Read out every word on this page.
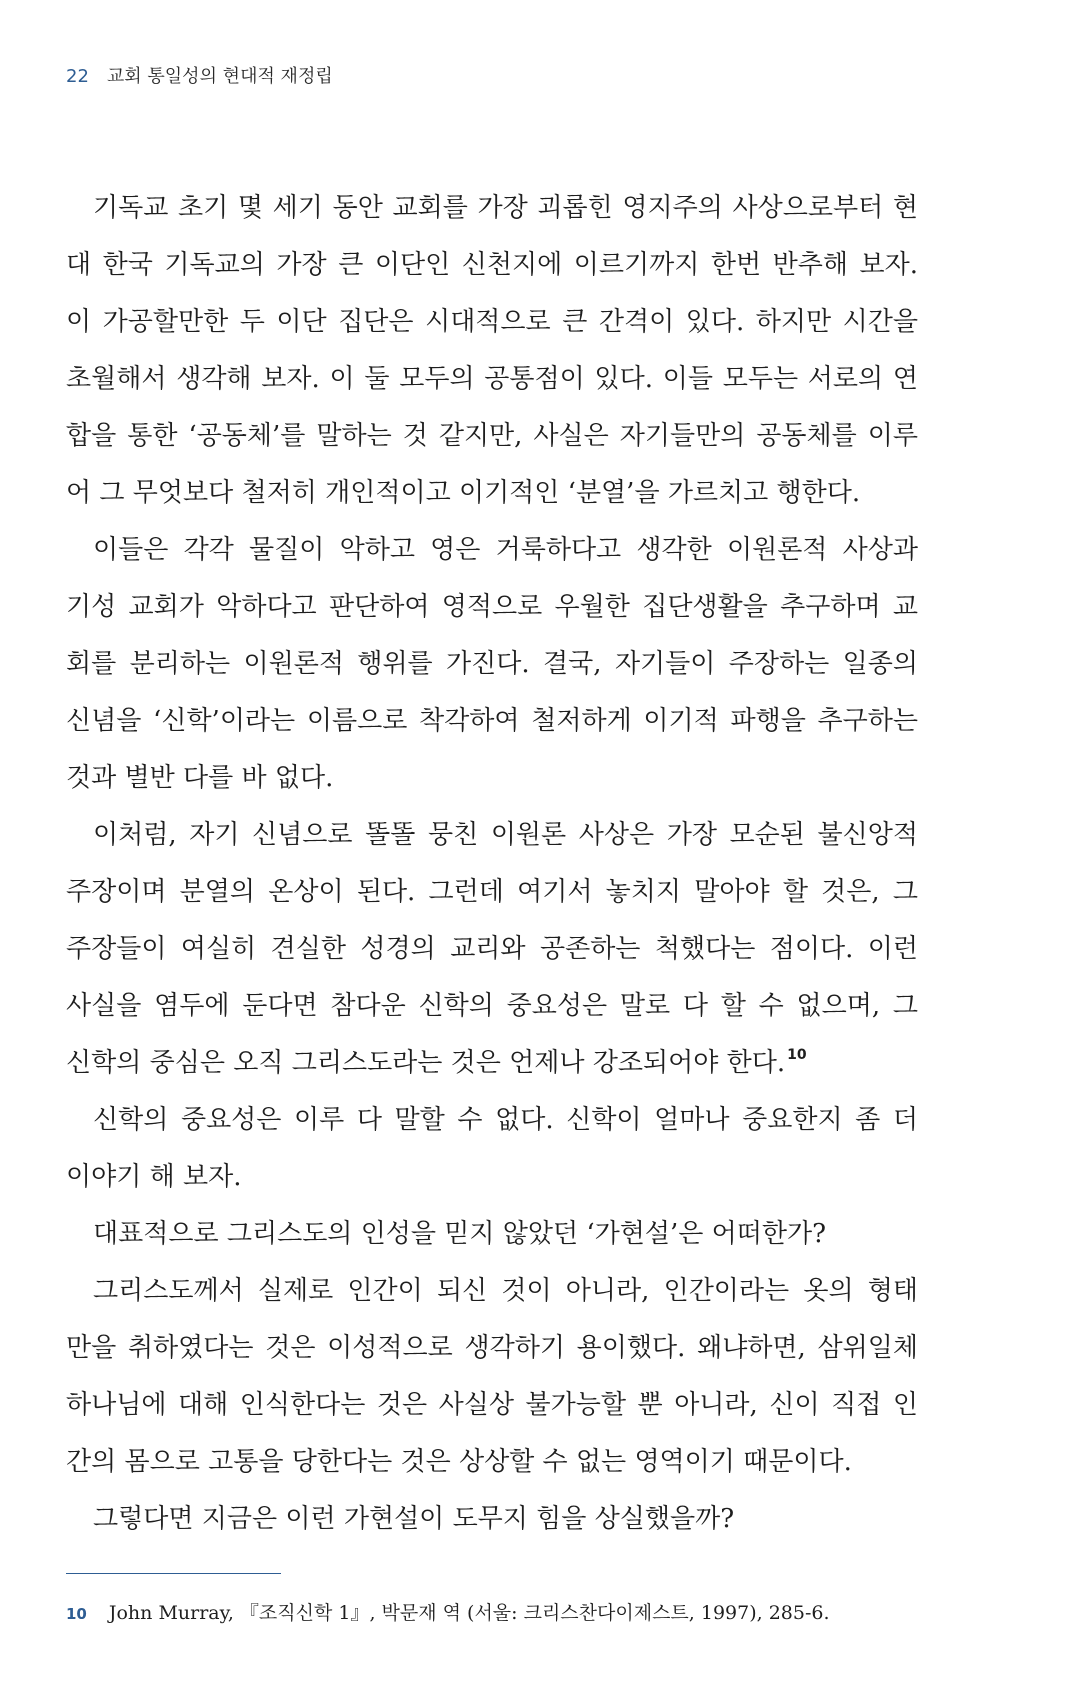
22 교회 통일성의 현대적 재정립
기독교 초기 몇 세기 동안 교회를 가장 괴롭힌 영지주의 사상으로부터 현
대 한국 기독교의 가장 큰 이단인 신천지에 이르기까지 한번 반추해 보자.
이 가공할만한 두 이단 집단은 시대적으로 큰 간격이 있다. 하지만 시간을
초월해서 생각해 보자. 이 둘 모두의 공통점이 있다. 이들 모두는 서로의 연
합을 통한 ‘공동체’를 말하는 것 같지만, 사실은 자기들만의 공동체를 이루
어 그 무엇보다 철저히 개인적이고 이기적인 ‘분열’을 가르치고 행한다.
이들은 각각 물질이 악하고 영은 거룩하다고 생각한 이원론적 사상과
기성 교회가 악하다고 판단하여 영적으로 우월한 집단생활을 추구하며 교
회를 분리하는 이원론적 행위를 가진다. 결국, 자기들이 주장하는 일종의
신념을 ‘신학’이라는 이름으로 착각하여 철저하게 이기적 파행을 추구하는
것과 별반 다를 바 없다.
이처럼, 자기 신념으로 똘똘 뭉친 이원론 사상은 가장 모순된 불신앙적
주장이며 분열의 온상이 된다. 그런데 여기서 놓치지 말아야 할 것은, 그
주장들이 여실히 견실한 성경의 교리와 공존하는 척했다는 점이다. 이런
사실을 염두에 둔다면 참다운 신학의 중요성은 말로 다 할 수 없으며, 그
신학의 중심은 오직 그리스도라는 것은 언제나 강조되어야 한다. $^{10}$
신학의 중요성은 이루 다 말할 수 없다. 신학이 얼마나 중요한지 좀 더
이야기 해 보자.
대표적으로 그리스도의 인성을 믿지 않았던 ‘가현설’은 어떠한가?
그리스도께서 실제로 인간이 되신 것이 아니라, 인간이라는 옷의 형태
만을 취하였다는 것은 이성적으로 생각하기 용이했다. 왜냐하면, 삼위일체
하나님에 대해 인식한다는 것은 사실상 불가능할 뿐 아니라, 신이 직접 인
간의 몸으로 고통을 당한다는 것은 상상할 수 없는 영역이기 때문이다.
그렇다면 지금은 이런 가현설이 도무지 힘을 상실했을까?
10 John Murray, 『조직신학 1』, 박문재 역 (서울: 크리스찬다이제스트, 1997), 285-6.
